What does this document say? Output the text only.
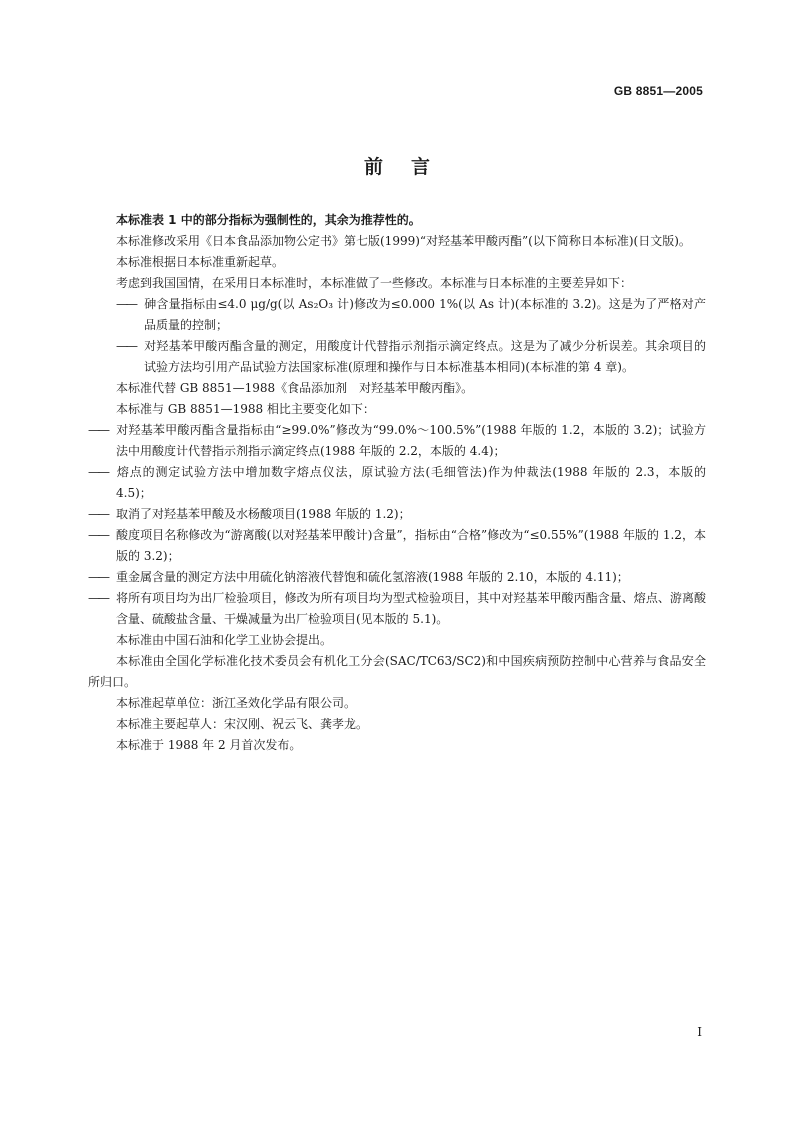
GB 8851—2005
前言

本标准表 1 中的部分指标为强制性的，其余为推荐性的。

本标准修改采用《日本食品添加物公定书》第七版(1999)“对羟基苯甲酸丙酯”(以下简称日本标准)(日文版)。

本标准根据日本标准重新起草。

考虑到我国国情，在采用日本标准时，本标准做了一些修改。本标准与日本标准的主要差异如下：

—— 砷含量指标由≤4.0 μg/g(以 As₂O₃ 计)修改为≤0.000 1%(以 As 计)(本标准的 3.2)。这是为了严格对产品质量的控制；

—— 对羟基苯甲酸丙酯含量的测定，用酸度计代替指示剂指示滴定终点。这是为了减少分析误差。其余项目的试验方法均引用产品试验方法国家标准(原理和操作与日本标准基本相同)(本标准的第 4 章)。

本标准代替 GB 8851—1988《食品添加剂　对羟基苯甲酸丙酯》。

本标准与 GB 8851—1988 相比主要变化如下：

—— 对羟基苯甲酸丙酯含量指标由“≥99.0%”修改为“99.0%～100.5%”(1988 年版的 1.2，本版的 3.2)；试验方法中用酸度计代替指示剂指示滴定终点(1988 年版的 2.2，本版的 4.4)；

—— 熔点的测定试验方法中增加数字熔点仪法，原试验方法(毛细管法)作为仲裁法(1988 年版的 2.3，本版的 4.5)；

—— 取消了对羟基苯甲酸及水杨酸项目(1988 年版的 1.2)；

—— 酸度项目名称修改为“游离酸(以对羟基苯甲酸计)含量”，指标由“合格”修改为“≤0.55%”(1988 年版的 1.2，本版的 3.2)；

—— 重金属含量的测定方法中用硫化钠溶液代替饱和硫化氢溶液(1988 年版的 2.10，本版的 4.11)；

—— 将所有项目均为出厂检验项目，修改为所有项目均为型式检验项目，其中对羟基苯甲酸丙酯含量、熔点、游离酸含量、硫酸盐含量、干燥减量为出厂检验项目(见本版的 5.1)。

本标准由中国石油和化学工业协会提出。

本标准由全国化学标准化技术委员会有机化工分会(SAC/TC63/SC2)和中国疾病预防控制中心营养与食品安全所归口。

本标准起草单位：浙江圣效化学品有限公司。

本标准主要起草人：宋汉刚、祝云飞、龚孝龙。

本标准于 1988 年 2 月首次发布。

I
